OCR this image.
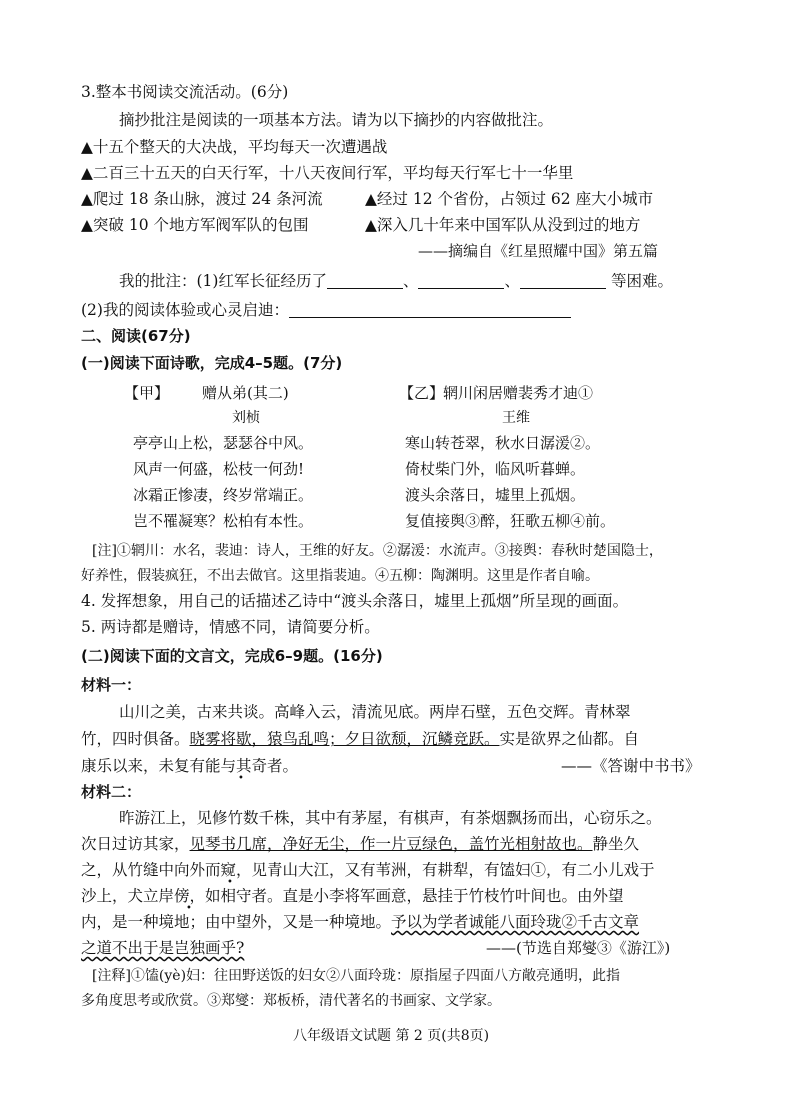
3.整本书阅读交流活动。(6分)
摘抄批注是阅读的一项基本方法。请为以下摘抄的内容做批注。
▲十五个整天的大决战，平均每天一次遭遇战
▲二百三十五天的白天行军，十八天夜间行军，平均每天行军七十一华里
▲爬过 18 条山脉，渡过 24 条河流	▲经过 12 个省份，占领过 62 座大小城市
▲突破 10 个地方军阀军队的包围	▲深入几十年来中国军队从没到过的地方
——摘编自《红星照耀中国》第五篇
我的批注：(1)红军长征经历了	、	、	等困难。
(2)我的阅读体验或心灵启迪：
二、阅读(67分)
(一)阅读下面诗歌，完成4–5题。(7分)
【甲】 赠从弟(其二)
刘桢
亭亭山上松，瑟瑟谷中风。
风声一何盛，松枝一何劲!
冰霜正惨凄，终岁常端正。
岂不罹凝寒？松柏有本性。
【乙】
辋川闲居赠裴秀才迪①
王维
寒山转苍翠，秋水日潺湲②。
倚杖柴门外，临风听暮蝉。
渡头余落日，墟里上孤烟。
复值接舆③醉，狂歌五柳④前。
[注]①辋川：水名，裴迪：诗人，王维的好友。②潺湲：水流声。③接舆：春秋时楚国隐士，
好养性，假装疯狂，不出去做官。这里指裴迪。④五柳：陶渊明。这里是作者自喻。
4. 发挥想象，用自己的话描述乙诗中“渡头余落日，墟里上孤烟”所呈现的画面。
5. 两诗都是赠诗，情感不同，请简要分析。
(二)阅读下面的文言文，完成6–9题。(16分)
材料一：
山川之美，古来共谈。高峰入云，清流见底。两岸石壁，五色交辉。青林翠
竹，四时俱备。晓雾将歇，猿鸟乱鸣；夕日欲颓，沉鳞竞跃。实是欲界之仙都。自
康乐以来，未复有能与其奇者。
•
——《答谢中书书》
材料二：
昨游江上，见修竹数千株，其中有茅屋，有棋声，有茶烟飘扬而出，心窃乐之。
次日过访其家，见琴书几席，净好无尘，作一片豆绿色，盖竹光相射故也。静坐久
之，从竹缝中向外而窥，见青山大江，又有苇洲，有耕犁，有馌妇①，有二小儿戏于
•
沙上，犬立岸傍，如相守者。直是小李将军画意，悬挂于竹枝竹叶间也。由外望
•
内，是一种境地；由中望外，又是一种境地。予以为学者诚能八面玲珑②千古文章
之道不出于是岂独画乎?	——(节选自郑燮③《游江》)
[注释]①馌(yè)妇：往田野送饭的妇女②八面玲珑：原指屋子四面八方敞亮通明，此指
多角度思考或欣赏。③郑燮：郑板桥，清代著名的书画家、文学家。
八年级语文试题 第 2 页(共8页)
